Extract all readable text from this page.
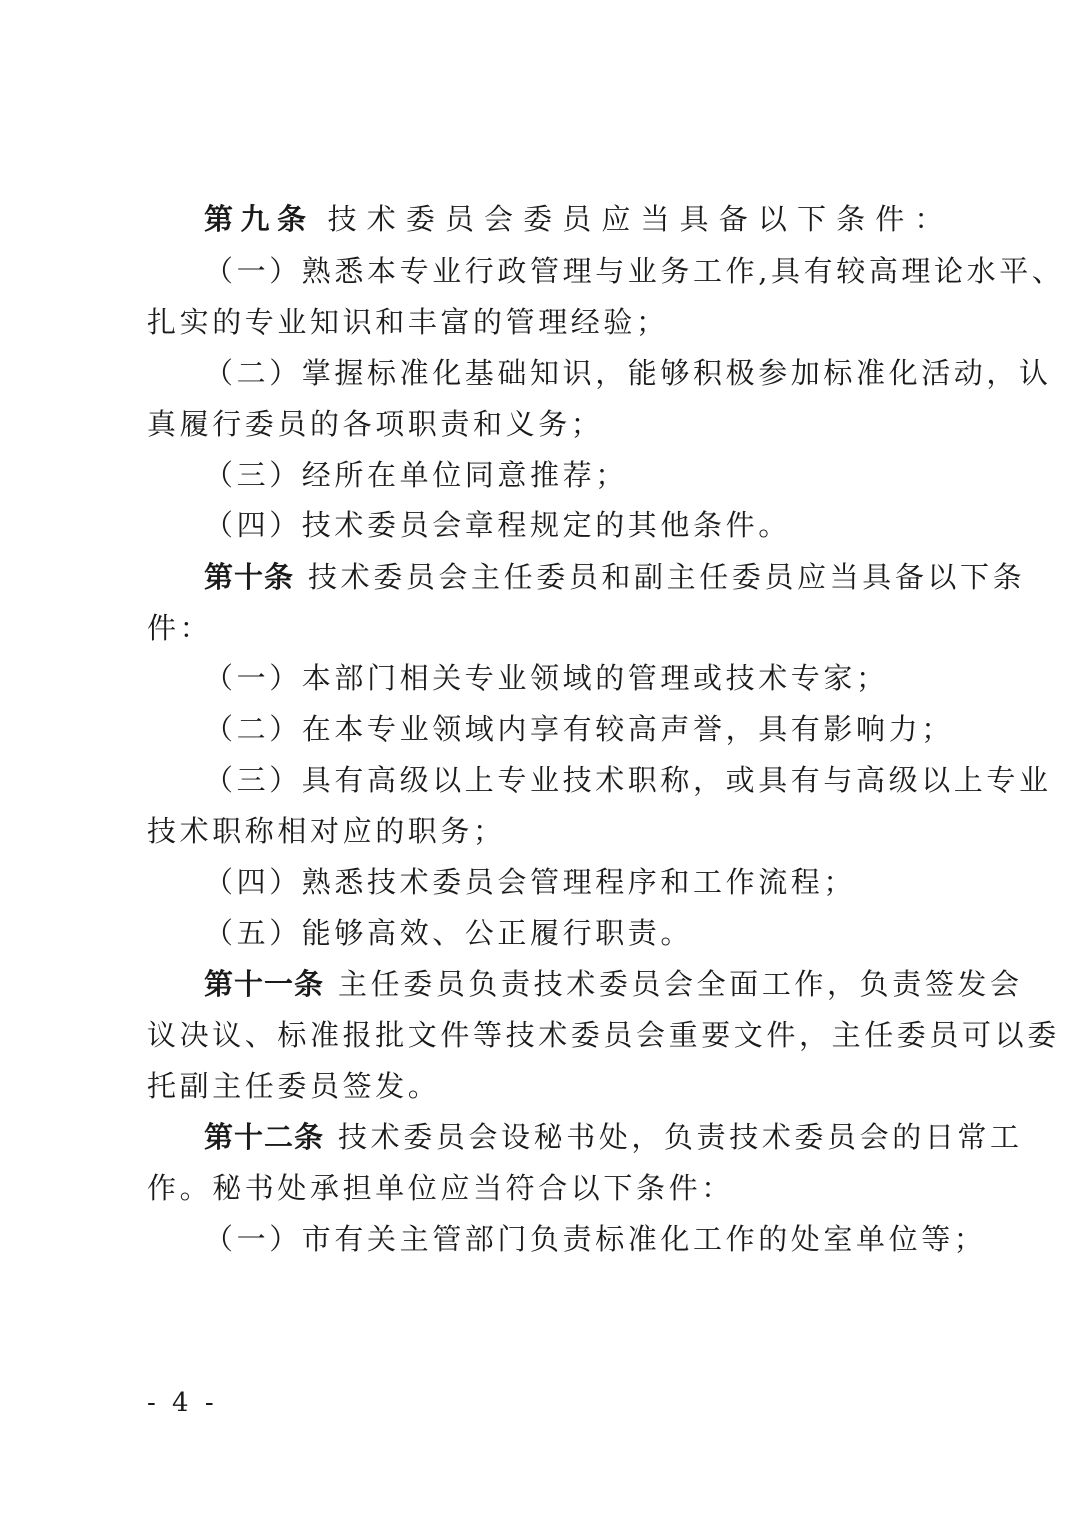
第九条 技术委员会委员应当具备以下条件：
（一）熟悉本专业行政管理与业务工作,具有较高理论水平、
扎实的专业知识和丰富的管理经验；
（二）掌握标准化基础知识，能够积极参加标准化活动，认
真履行委员的各项职责和义务；
（三）经所在单位同意推荐；
（四）技术委员会章程规定的其他条件。
第十条 技术委员会主任委员和副主任委员应当具备以下条
件：
（一）本部门相关专业领域的管理或技术专家；
（二）在本专业领域内享有较高声誉，具有影响力；
（三）具有高级以上专业技术职称，或具有与高级以上专业
技术职称相对应的职务；
（四）熟悉技术委员会管理程序和工作流程；
（五）能够高效、公正履行职责。
第十一条 主任委员负责技术委员会全面工作，负责签发会
议决议、标准报批文件等技术委员会重要文件，主任委员可以委
托副主任委员签发。
第十二条 技术委员会设秘书处，负责技术委员会的日常工
作。秘书处承担单位应当符合以下条件：
（一）市有关主管部门负责标准化工作的处室单位等；
- 4 -
